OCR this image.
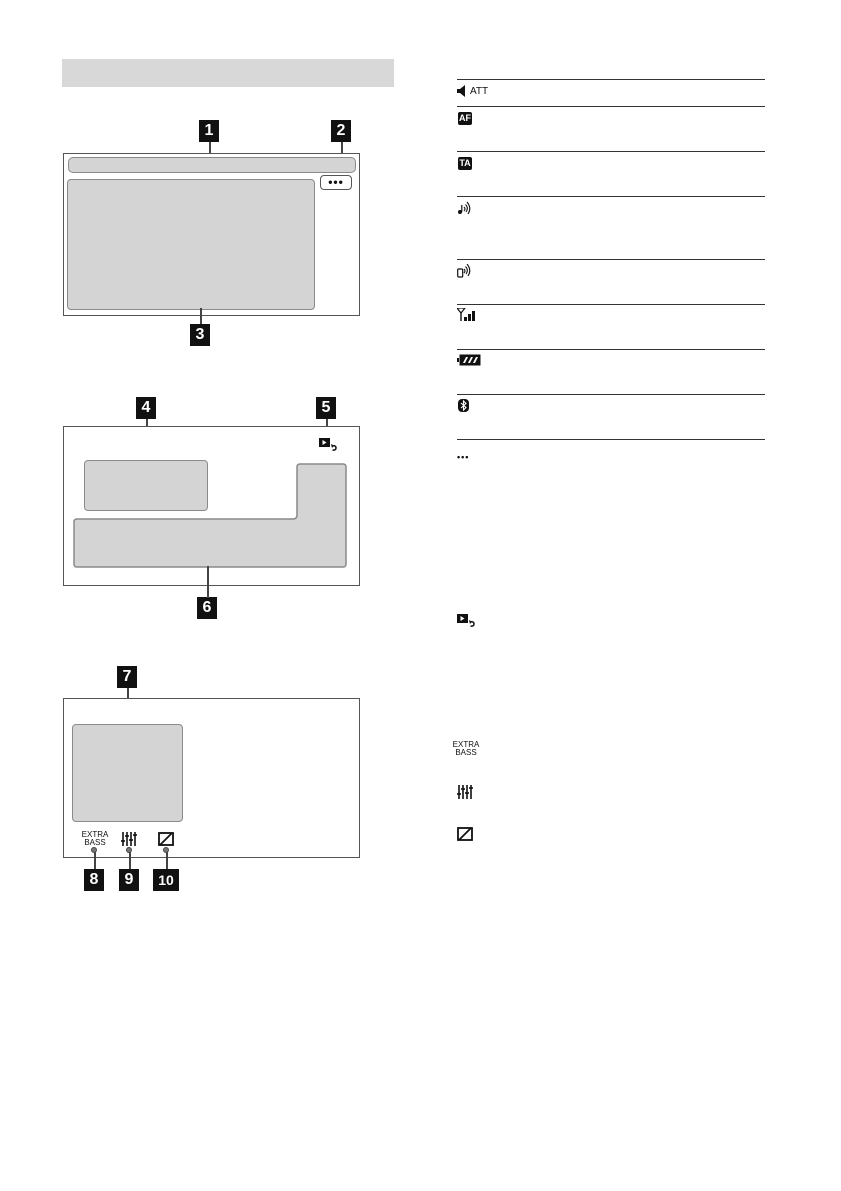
1	2
•••
3
4	5
6
7
EXTRA
BASS
8 9	10
ATT
AF
TA
•••
EXTRA
BASS
